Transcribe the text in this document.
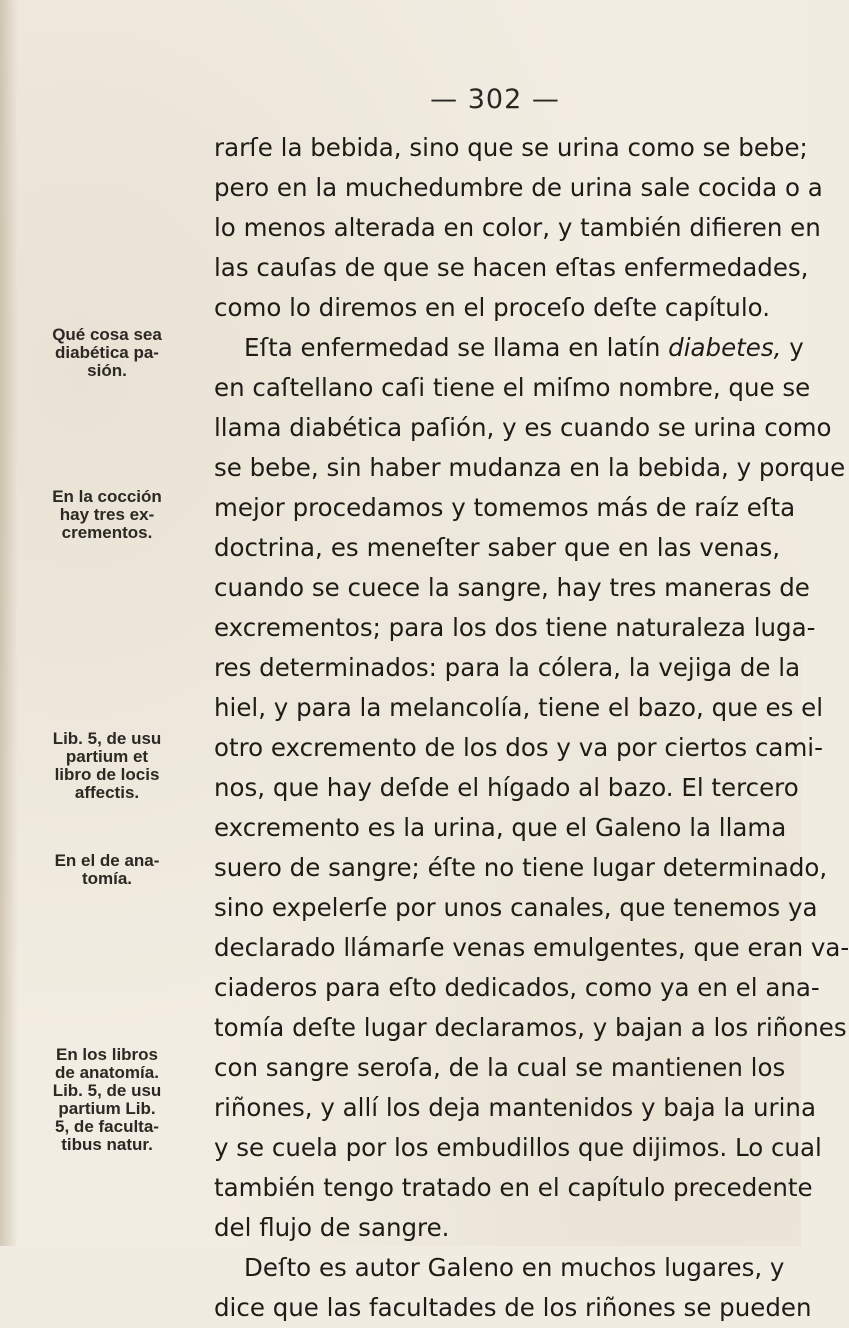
— 302 —

Qué cosa sea
diabética pa-
sión.

En la cocción
hay tres ex-
crementos.

Lib. 5, de usu
partium et
libro de locis
affectis.

En el de ana-
tomía.

En los libros
de anatomía.
Lib. 5, de usu
partium Lib.
5, de faculta-
tibus natur.

rarſe la bebida, sino que se urina como se bebe;
pero en la muchedumbre de urina sale cocida o a
lo menos alterada en color, y también difieren en
las cauſas de que se hacen eſtas enfermedades,
como lo diremos en el proceſo deſte capítulo.
Eſta enfermedad se llama en latín diabetes, y
en caſtellano caſi tiene el miſmo nombre, que se
llama diabética paſión, y es cuando se urina como
se bebe, sin haber mudanza en la bebida, y porque
mejor procedamos y tomemos más de raíz eſta
doctrina, es meneſter saber que en las venas,
cuando se cuece la sangre, hay tres maneras de
excrementos; para los dos tiene naturaleza luga-
res determinados: para la cólera, la vejiga de la
hiel, y para la melancolía, tiene el bazo, que es el
otro excremento de los dos y va por ciertos cami-
nos, que hay deſde el hígado al bazo. El tercero
excremento es la urina, que el Galeno la llama
suero de sangre; éſte no tiene lugar determinado,
sino expelerſe por unos canales, que tenemos ya
declarado llámarſe venas emulgentes, que eran va-
ciaderos para eſto dedicados, como ya en el ana-
tomía deſte lugar declaramos, y bajan a los riñones
con sangre seroſa, de la cual se mantienen los
riñones, y allí los deja mantenidos y baja la urina
y se cuela por los embudillos que dijimos. Lo cual
también tengo tratado en el capítulo precedente
del flujo de sangre.
Deſto es autor Galeno en muchos lugares, y
dice que las facultades de los riñones se pueden
